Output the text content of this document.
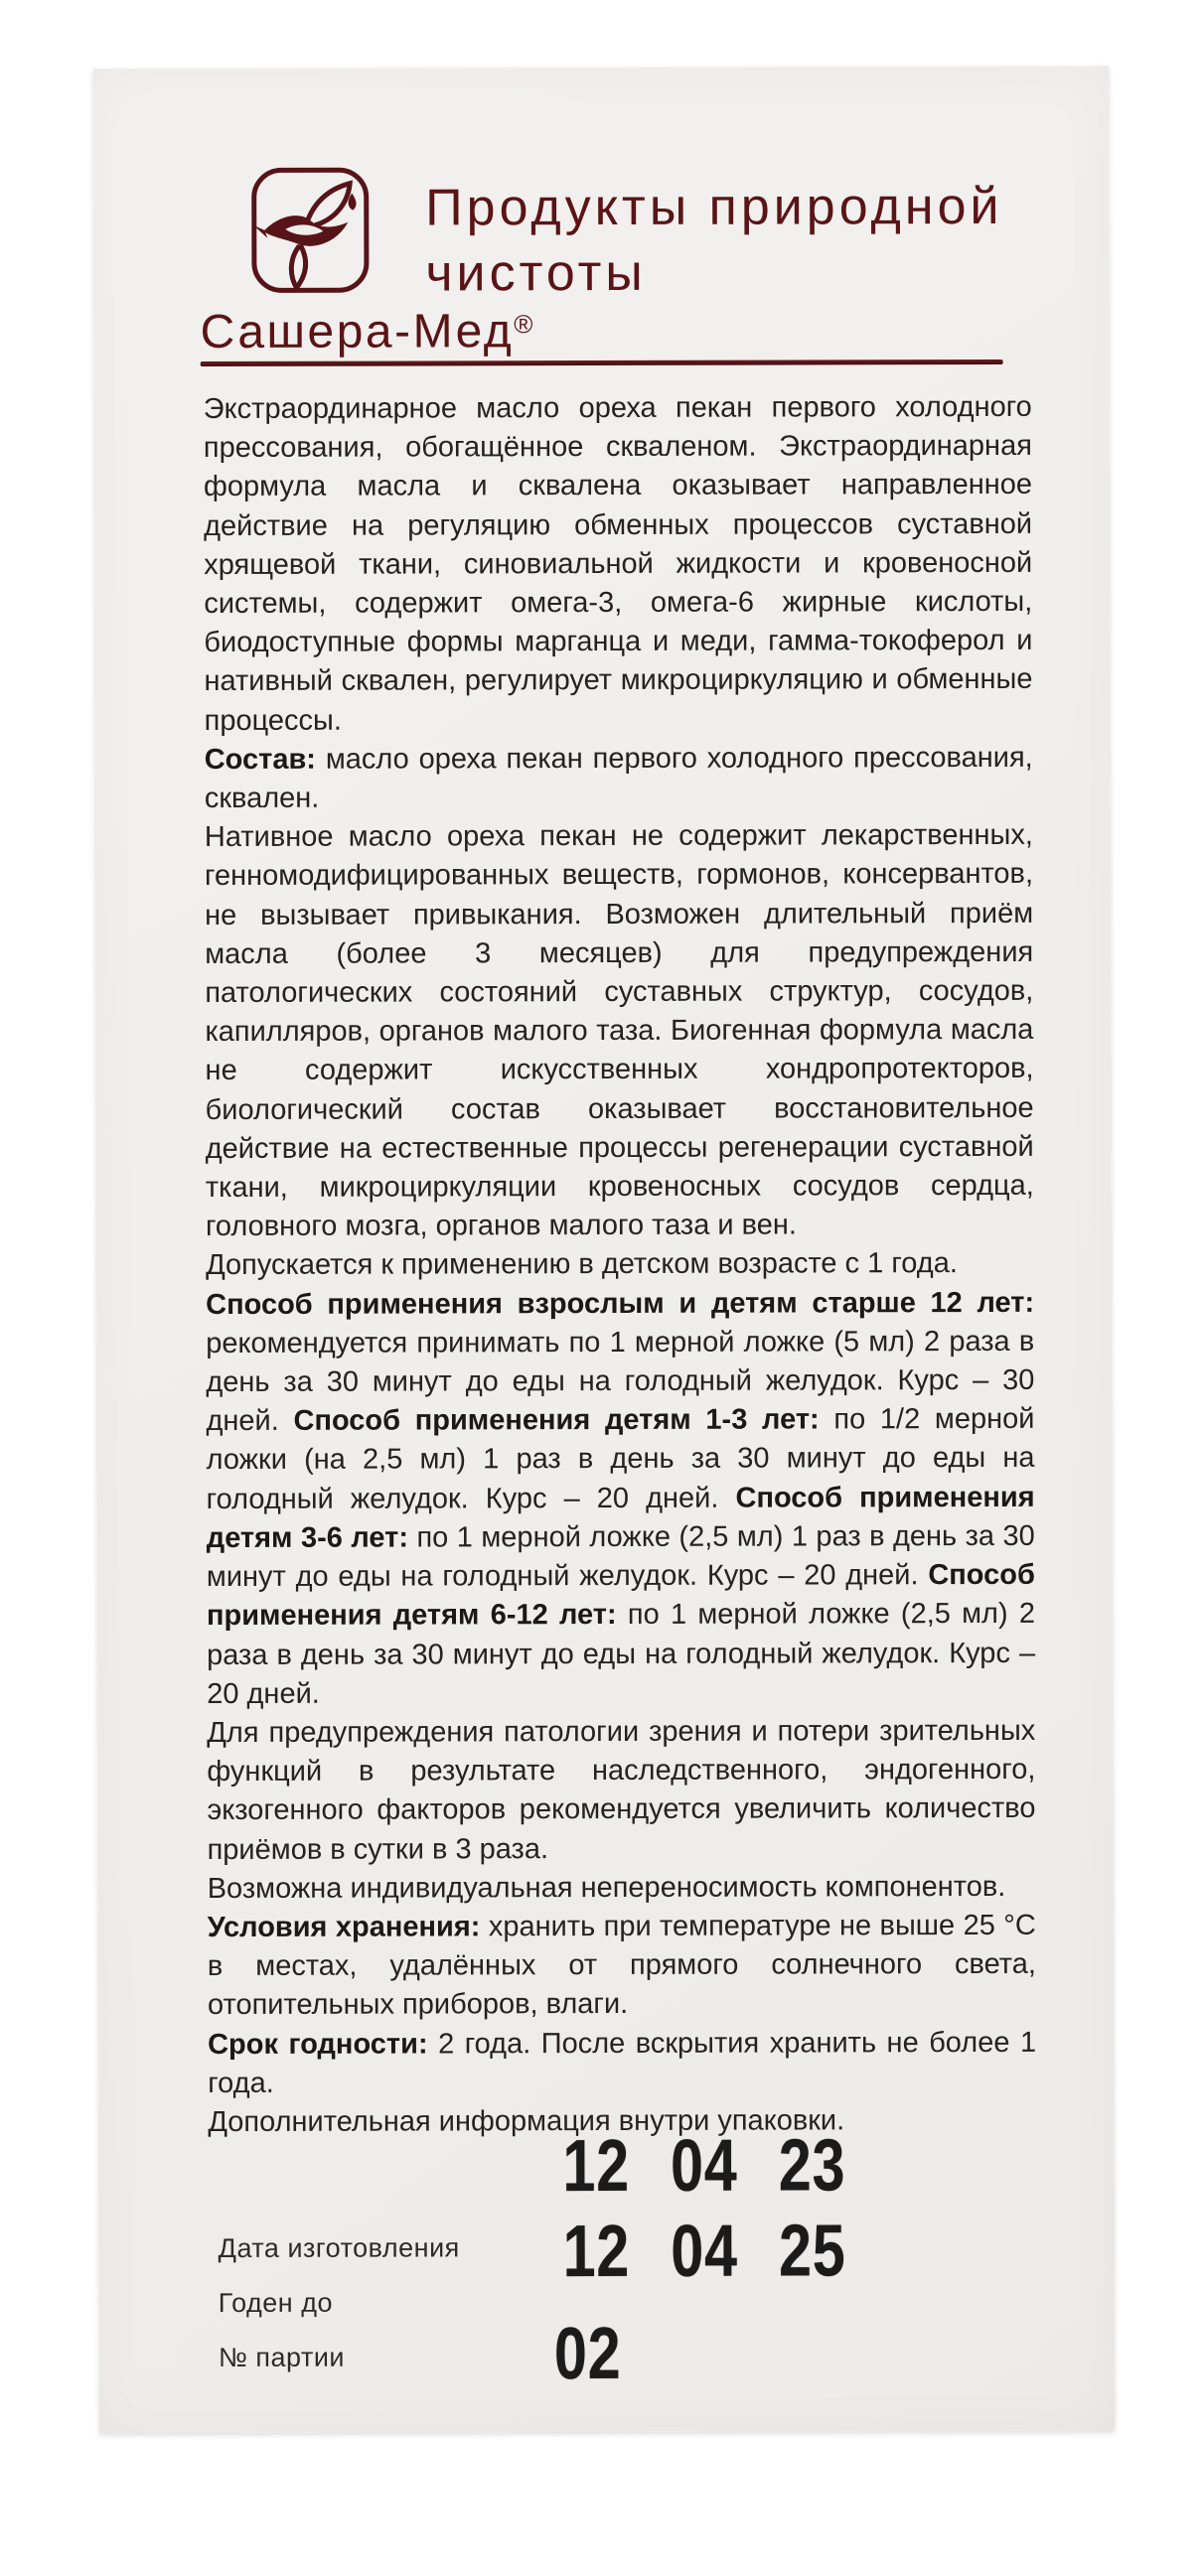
Продукты природной
чистоты
Сашера-Мед®

Экстраординарное масло ореха пекан первого холодного прессования, обогащённое скваленом. Экстраординарная формула масла и сквалена оказывает направленное действие на регуляцию обменных процессов суставной хрящевой ткани, синовиальной жидкости и кровеносной системы, содержит омега-3, омега-6 жирные кислоты, биодоступные формы марганца и меди, гамма-токоферол и нативный сквален, регулирует микроциркуляцию и обменные процессы.

Состав: масло ореха пекан первого холодного прессования, сквален.

Нативное масло ореха пекан не содержит лекарственных, генномодифицированных веществ, гормонов, консервантов, не вызывает привыкания. Возможен длительный приём масла (более 3 месяцев) для предупреждения патологических состояний суставных структур, сосудов, капилляров, органов малого таза. Биогенная формула масла не содержит искусственных хондропротекторов, биологический состав оказывает восстановительное действие на естественные процессы регенерации суставной ткани, микроциркуляции кровеносных сосудов сердца, головного мозга, органов малого таза и вен.

Допускается к применению в детском возрасте с 1 года.

Способ применения взрослым и детям старше 12 лет: рекомендуется принимать по 1 мерной ложке (5 мл) 2 раза в день за 30 минут до еды на голодный желудок. Курс – 30 дней. Способ применения детям 1-3 лет: по 1/2 мерной ложки (на 2,5 мл) 1 раз в день за 30 минут до еды на голодный желудок. Курс – 20 дней. Способ применения детям 3-6 лет: по 1 мерной ложке (2,5 мл) 1 раз в день за 30 минут до еды на голодный желудок. Курс – 20 дней. Способ применения детям 6-12 лет: по 1 мерной ложке (2,5 мл) 2 раза в день за 30 минут до еды на голодный желудок. Курс – 20 дней.

Для предупреждения патологии зрения и потери зрительных функций в результате наследственного, эндогенного, экзогенного факторов рекомендуется увеличить количество приёмов в сутки в 3 раза.

Возможна индивидуальная непереносимость компонентов.

Условия хранения: хранить при температуре не выше 25 °С в местах, удалённых от прямого солнечного света, отопительных приборов, влаги.

Срок годности: 2 года. После вскрытия хранить не более 1 года.

Дополнительная информация внутри упаковки.

Дата изготовления
Годен до
№ партии
12 04 23
12 04 25
02
